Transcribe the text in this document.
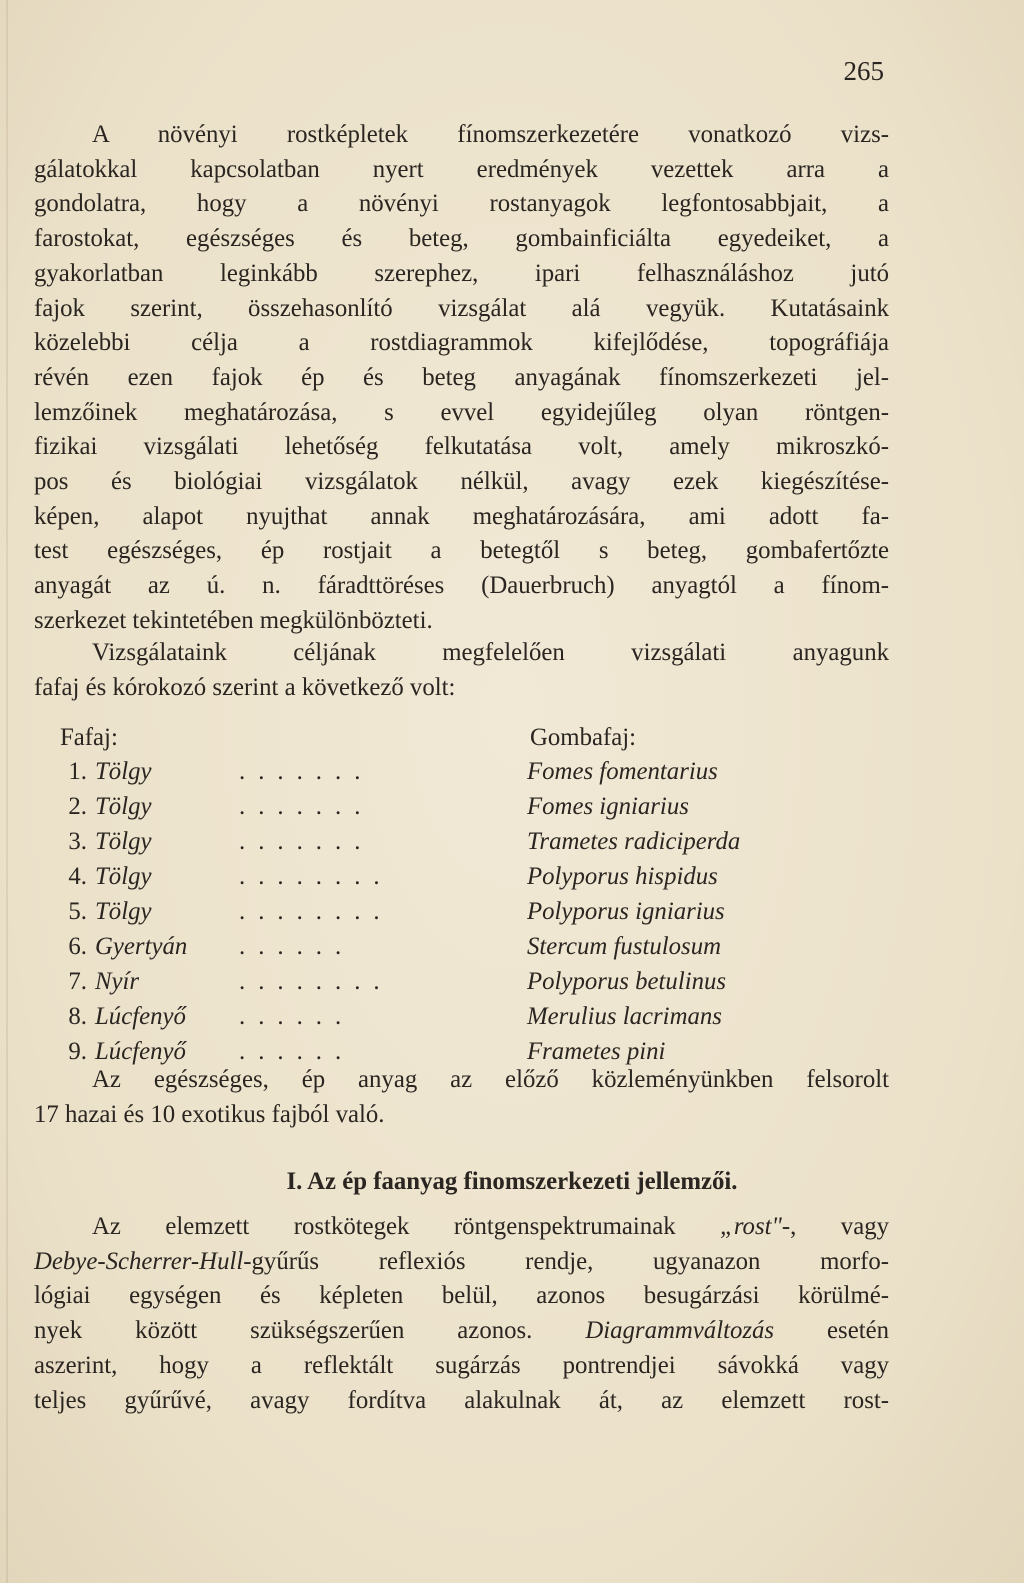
265
A növényi rostképletek fínomszerkezetére vonatkozó vizs-
gálatokkal kapcsolatban nyert eredmények vezettek arra a
gondolatra, hogy a növényi rostanyagok legfontosabbjait, a
farostokat, egészséges és beteg, gombainficiálta egyedeiket, a
gyakorlatban leginkább szerephez, ipari felhasználáshoz jutó
fajok szerint, összehasonlító vizsgálat alá vegyük. Kutatásaink
közelebbi célja a rostdiagrammok kifejlődése, topográfiája
révén ezen fajok ép és beteg anyagának fínomszerkezeti jel-
lemzőinek meghatározása, s evvel egyidejűleg olyan röntgen-
fizikai vizsgálati lehetőség felkutatása volt, amely mikroszkó-
pos és biológiai vizsgálatok nélkül, avagy ezek kiegészítése-
képen, alapot nyujthat annak meghatározására, ami adott fa-
test egészséges, ép rostjait a betegtől s beteg, gombafertőzte
anyagát az ú. n. fáradttöréses (Dauerbruch) anyagtól a fínom-
szerkezet tekintetében megkülönbözteti.
Vizsgálataink céljának megfelelően vizsgálati anyagunk
fafaj és kórokozó szerint a következő volt:
Fafaj:	Gombafaj:
1. Tölgy	.......	Fomes fomentarius
2. Tölgy	.......	Fomes igniarius
3. Tölgy	.......	Trametes radiciperda
4. Tölgy	........	Polyporus hispidus
5. Tölgy	........	Polyporus igniarius
6. Gyertyán ......	Stercum fustulosum
7. Nyír	........	Polyporus betulinus
8. Lúcfenyő ......	Merulius lacrimans
9. Lúcfenyő ......	Frametes pini
Az egészséges, ép anyag az előző közleményünkben felsorolt
17 hazai és 10 exotikus fajból való.
I. Az ép faanyag finomszerkezeti jellemzői.
Az elemzett rostkötegek röntgenspektrumainak „rost"-, vagy
Debye-Scherrer-Hull-gyűrűs reflexiós rendje, ugyanazon morfo-
lógiai egységen és képleten belül, azonos besugárzási körülmé-
nyek között szükségszerűen azonos. Diagrammváltozás esetén
aszerint, hogy a reflektált sugárzás pontrendjei sávokká vagy
teljes gyűrűvé, avagy fordítva alakulnak át, az elemzett rost-
